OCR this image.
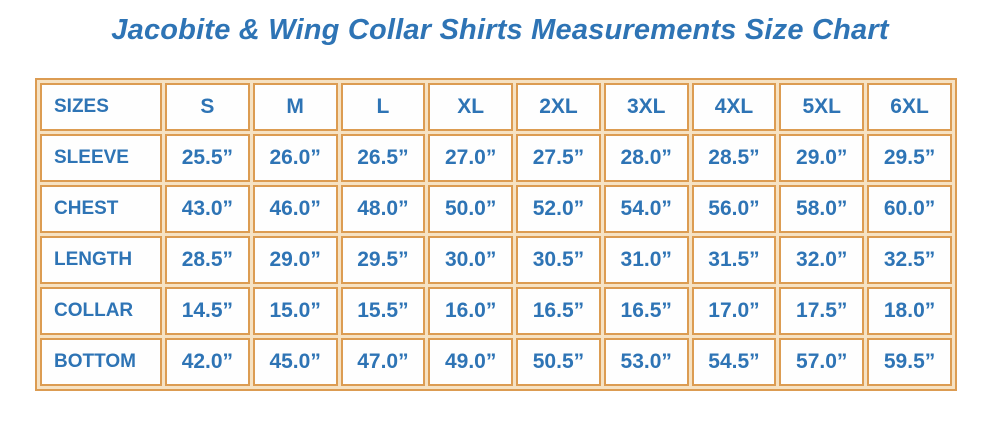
Jacobite & Wing Collar Shirts Measurements Size Chart
SIZES	S	M	L	XL	2XL	3XL	4XL	5XL	6XL
SLEEVE	25.5”	26.0”	26.5”	27.0”	27.5”	28.0”	28.5”	29.0”	29.5”
CHEST	43.0”	46.0”	48.0”	50.0”	52.0”	54.0”	56.0”	58.0”	60.0”
LENGTH	28.5”	29.0”	29.5”	30.0”	30.5”	31.0”	31.5”	32.0”	32.5”
COLLAR	14.5”	15.0”	15.5”	16.0”	16.5”	16.5”	17.0”	17.5”	18.0”
BOTTOM	42.0”	45.0”	47.0”	49.0”	50.5”	53.0”	54.5”	57.0”	59.5”
